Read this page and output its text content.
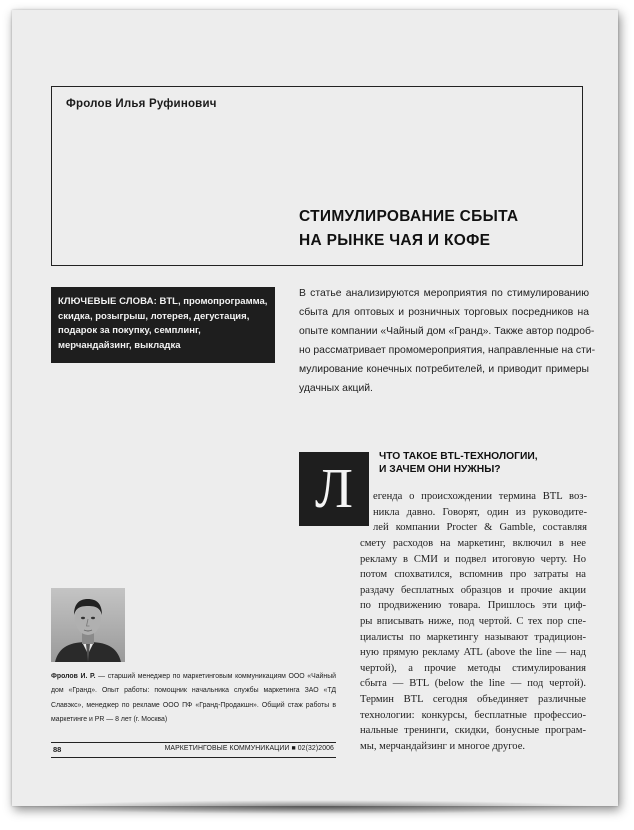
Фролов Илья Руфинович
СТИМУЛИРОВАНИЕ СБЫТА
НА РЫНКЕ ЧАЯ И КОФЕ
КЛЮЧЕВЫЕ СЛОВА: BTL, промопрограмма, скидка, розыгрыш, лотерея, дегустация, подарок за покупку, семплинг, мерчандайзинг, выкладка
В статье анализируются мероприятия по стимулированию
сбыта для оптовых и розничных торговых посредников на
опыте компании «Чайный дом «Гранд». Также автор подроб-
но рассматривает промомероприятия, направленные на сти-
мулирование конечных потребителей, и приводит примеры
удачных акций.
Л
ЧТО ТАКОЕ BTL-ТЕХНОЛОГИИ,
И ЗАЧЕМ ОНИ НУЖНЫ?
егенда о происхождении термина BTL воз-
никла давно. Говорят, один из руководите-
лей компании Procter & Gamble, составляя
смету расходов на маркетинг, включил в нее
рекламу в СМИ и подвел итоговую черту. Но
потом спохватился, вспомнив про затраты на
раздачу бесплатных образцов и прочие акции
по продвижению товара. Пришлось эти циф-
ры вписывать ниже, под чертой. С тех пор спе-
циалисты по маркетингу называют традицион-
ную прямую рекламу ATL (above the line — над
чертой), а прочие методы стимулирования
сбыта — BTL (below the line — под чертой).
Термин BTL сегодня объединяет различные
технологии: конкурсы, бесплатные профессио-
нальные тренинги, скидки, бонусные програм-
мы, мерчандайзинг и многое другое.
Фролов И. Р. — старший менеджер по маркетинговым коммуникациям ООО «Чайный дом «Гранд». Опыт работы: помощник начальника службы маркетинга ЗАО «ТД Славэкс», менеджер по рекламе ООО ПФ «Гранд-Продакшн». Общий стаж работы в маркетинге и PR — 8 лет (г. Москва)
88	МАРКЕТИНГОВЫЕ КОММУНИКАЦИИ ■ 02(32)2006
